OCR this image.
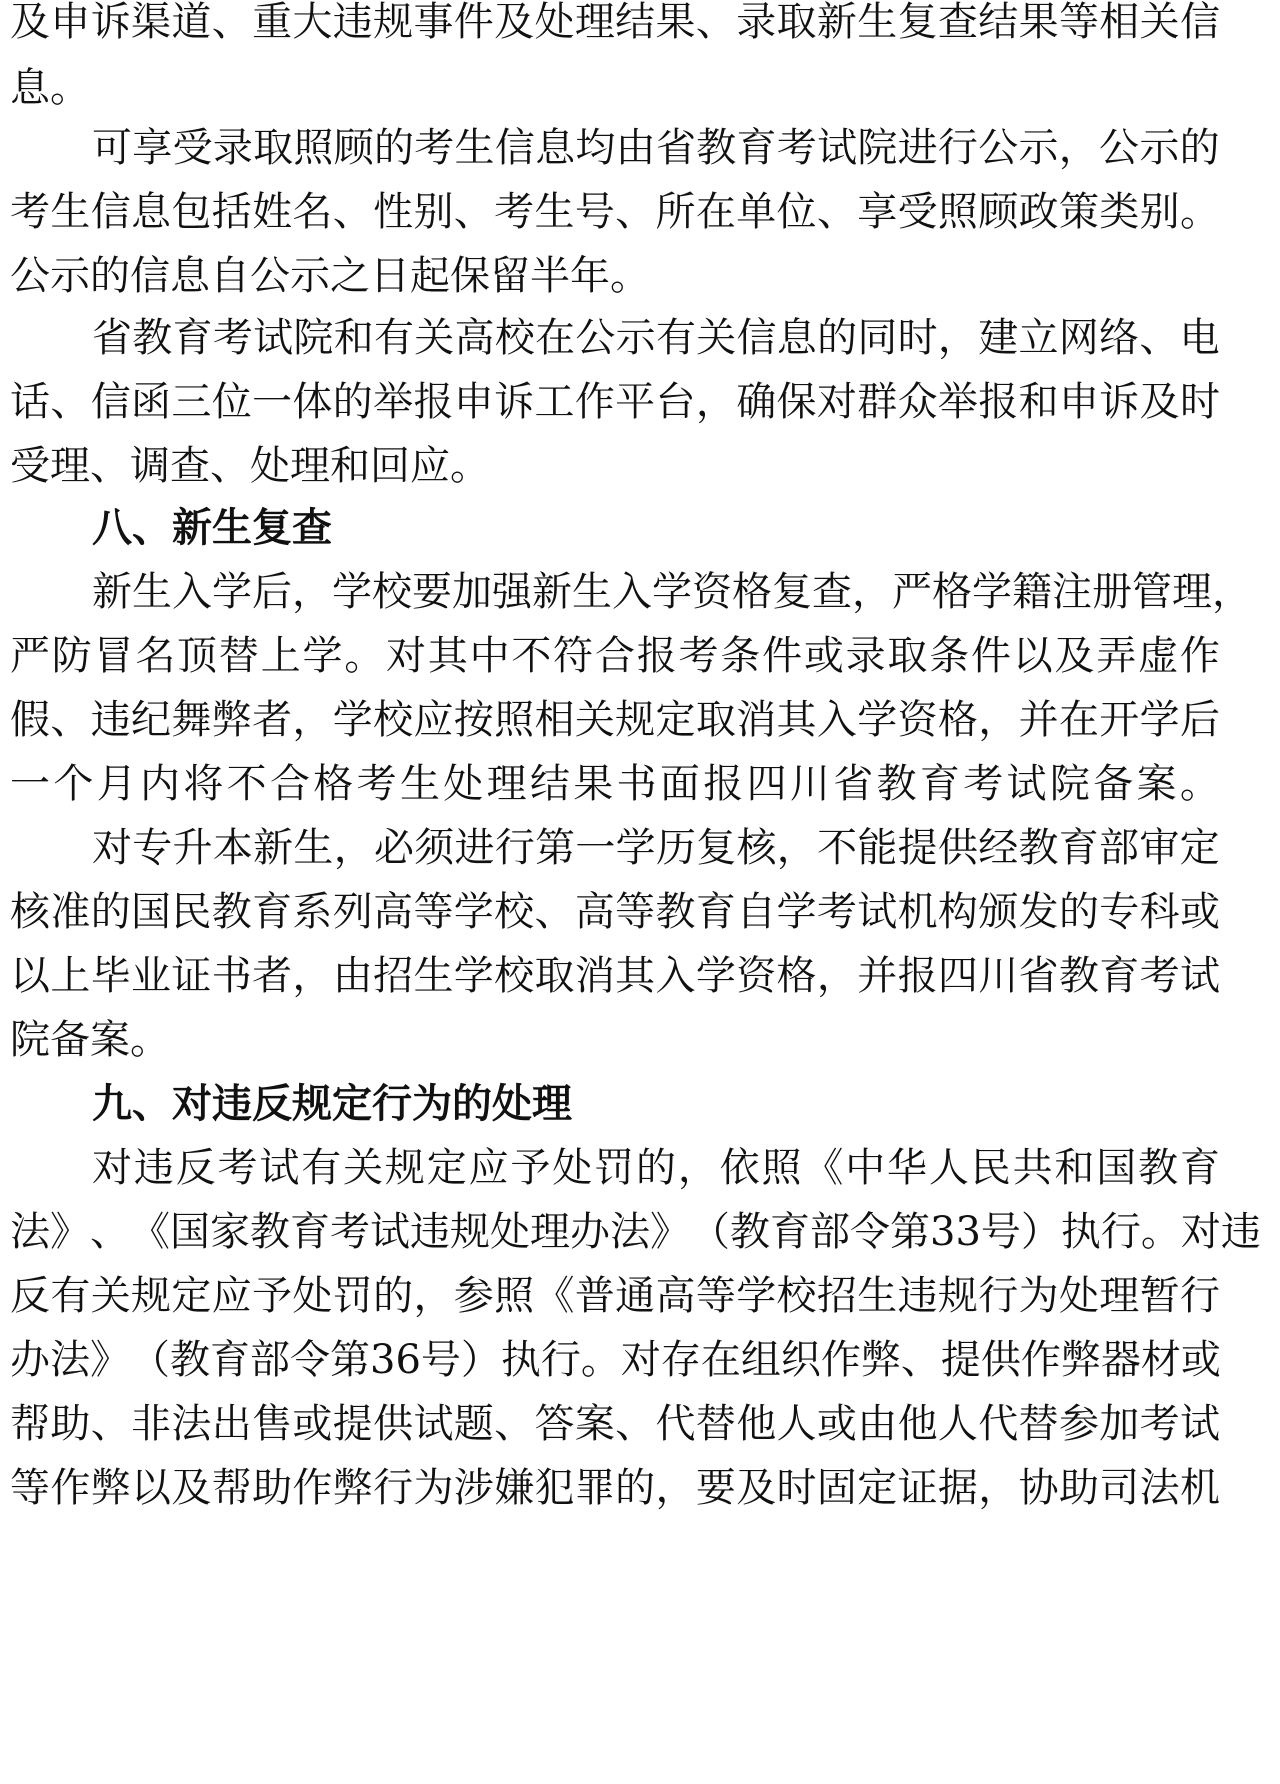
及 申 诉 渠 道 、 重 大 违 规 事 件 及 处 理 结 果 、 录 取 新 生 复 查 结 果 等 相 关 信
息。
可 享 受 录 取 照 顾 的 考 生 信 息 均 由 省 教 育 考 试 院 进 行 公 示 ， 公 示 的
考 生 信 息 包 括 姓 名 、 性 别 、 考 生 号 、 所 在 单 位 、 享 受 照 顾 政 策 类 别 。
公示的信息自公示之日起保留半年。
省 教 育 考 试 院 和 有 关 高 校 在 公 示 有 关 信 息 的 同 时 ， 建 立 网 络 、 电
话 、 信 函 三 位 一 体 的 举 报 申 诉 工 作 平 台 ， 确 保 对 群 众 举 报 和 申 诉 及 时
受理、调查、处理和回应。
八、新生复查
新 生 入 学 后 ， 学 校 要 加 强 新 生 入 学 资 格 复 查 ， 严 格 学 籍 注 册 管 理 ，
严 防 冒 名 顶 替 上 学 。 对 其 中 不 符 合 报 考 条 件 或 录 取 条 件 以 及 弄 虚 作
假 、 违 纪 舞 弊 者 ， 学 校 应 按 照 相 关 规 定 取 消 其 入 学 资 格 ， 并 在 开 学 后
一 个 月 内 将 不 合 格 考 生 处 理 结 果 书 面 报 四 川 省 教 育 考 试 院 备 案 。
对 专 升 本 新 生 ， 必 须 进 行 第 一 学 历 复 核 ， 不 能 提 供 经 教 育 部 审 定
核 准 的 国 民 教 育 系 列 高 等 学 校 、 高 等 教 育 自 学 考 试 机 构 颁 发 的 专 科 或
以 上 毕 业 证 书 者 ， 由 招 生 学 校 取 消 其 入 学 资 格 ， 并 报 四 川 省 教 育 考 试
院备案。
九、对违反规定行为的处理
对 违 反 考 试 有 关 规 定 应 予 处 罚 的 ， 依 照 《 中 华 人 民 共 和 国 教 育
法 》 、 《 国 家 教 育 考 试 违 规 处 理 办 法 》 （ 教 育 部 令 第 33 号 ） 执 行 。 对 违
反 有 关 规 定 应 予 处 罚 的 ， 参 照 《 普 通 高 等 学 校 招 生 违 规 行 为 处 理 暂 行
办 法 》 （ 教 育 部 令 第 36 号 ） 执 行 。 对 存 在 组 织 作 弊 、 提 供 作 弊 器 材 或
帮 助 、 非 法 出 售 或 提 供 试 题 、 答 案 、 代 替 他 人 或 由 他 人 代 替 参 加 考 试
等 作 弊 以 及 帮 助 作 弊 行 为 涉 嫌 犯 罪 的 ， 要 及 时 固 定 证 据 ， 协 助 司 法 机
